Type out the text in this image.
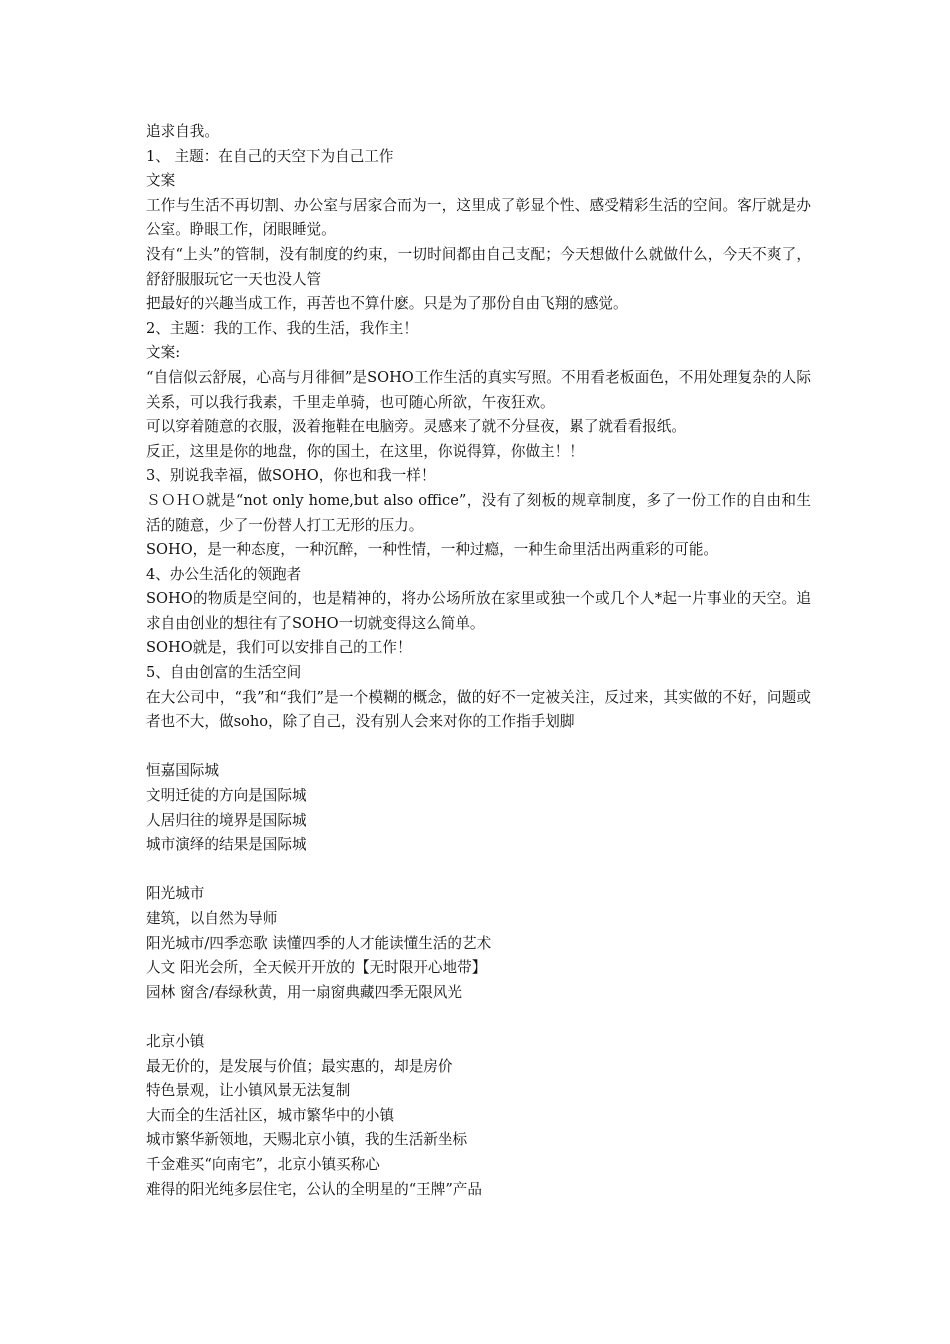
追求自我。
1、 主题：在自己的天空下为自己工作
文案
工作与生活不再切割、办公室与居家合而为一，这里成了彰显个性、感受精彩生活的空间。客厅就是办公室。睁眼工作，闭眼睡觉。
没有“上头”的管制，没有制度的约束，一切时间都由自己支配；今天想做什么就做什么，今天不爽了，舒舒服服玩它一天也没人管
把最好的兴趣当成工作，再苦也不算什麽。只是为了那份自由飞翔的感觉。
2、主题：我的工作、我的生活，我作主！
文案:
“自信似云舒展，心高与月徘徊”是SOHO工作生活的真实写照。不用看老板面色，不用处理复杂的人际关系，可以我行我素，千里走单骑，也可随心所欲，午夜狂欢。
可以穿着随意的衣服，汲着拖鞋在电脑旁。灵感来了就不分昼夜，累了就看看报纸。
反正，这里是你的地盘，你的国土，在这里，你说得算，你做主！！
3、别说我幸福，做SOHO，你也和我一样！
ＳＯＨＯ就是“not only home,but also office”，没有了刻板的规章制度，多了一份工作的自由和生活的随意，少了一份替人打工无形的压力。
SOHO，是一种态度，一种沉醉，一种性情，一种过瘾，一种生命里活出两重彩的可能。
4、办公生活化的领跑者
SOHO的物质是空间的，也是精神的，将办公场所放在家里或独一个或几个人*起一片事业的天空。追求自由创业的想往有了SOHO一切就变得这么简单。
SOHO就是，我们可以安排自己的工作！
5、自由创富的生活空间
在大公司中，“我”和“我们”是一个模糊的概念，做的好不一定被关注，反过来，其实做的不好，问题或者也不大，做soho，除了自己，没有别人会来对你的工作指手划脚
恒嘉国际城
文明迁徒的方向是国际城
人居归往的境界是国际城
城市演绎的结果是国际城
阳光城市
建筑，以自然为导师
阳光城市/四季恋歌 读懂四季的人才能读懂生活的艺术
人文 阳光会所，全天候开开放的【无时限开心地带】
园林 窗含/春绿秋黄，用一扇窗典藏四季无限风光
北京小镇
最无价的，是发展与价值；最实惠的，却是房价
特色景观，让小镇风景无法复制
大而全的生活社区，城市繁华中的小镇
城市繁华新领地，天赐北京小镇，我的生活新坐标
千金难买“向南宅”，北京小镇买称心
难得的阳光纯多层住宅，公认的全明星的“王牌”产品
